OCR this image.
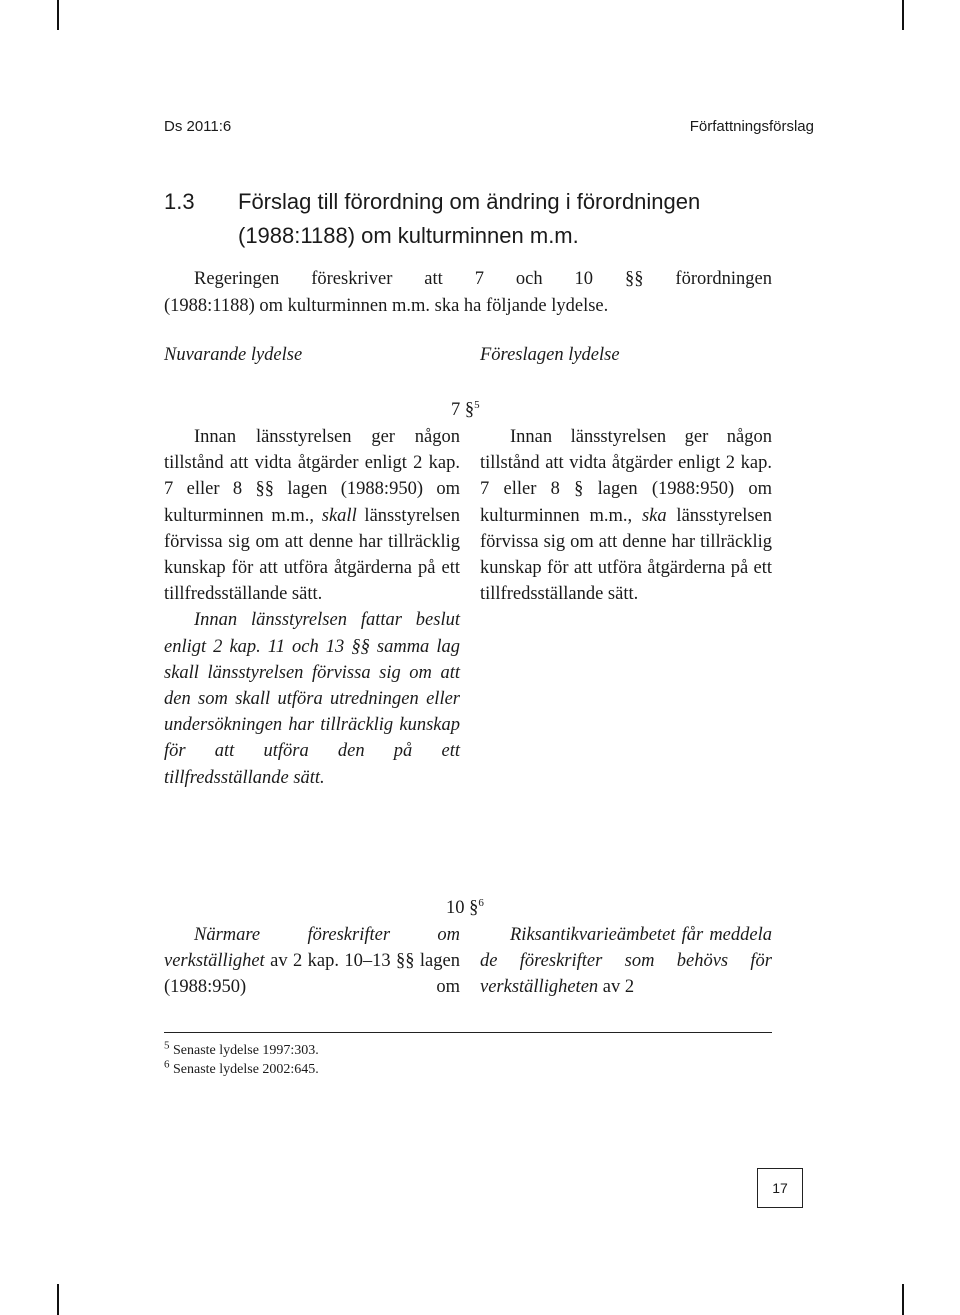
Ds 2011:6	Författningsförslag
1.3 Förslag till förordning om ändring i förordningen
(1988:1188) om kulturminnen m.m.
Regeringen föreskriver att 7 och 10 §§ förordningen
(1988:1188) om kulturminnen m.m. ska ha följande lydelse.
Nuvarande lydelse	Föreslagen lydelse
7 §$^5$

Innan länsstyrelsen ger någon tillstånd att vidta åtgärder enligt 2 kap. 7 eller 8 §§ lagen (1988:950) om kulturminnen m.m., skall länsstyrelsen förvissa sig om att denne har tillräcklig kunskap för att utföra åtgärderna på ett tillfredsställande sätt.

Innan länsstyrelsen fattar beslut enligt 2 kap. 11 och 13 §§ samma lag skall länsstyrelsen förvissa sig om att den som skall utföra utredningen eller undersökningen har tillräcklig kunskap för att utföra den på ett tillfredsställande sätt.

Innan länsstyrelsen ger någon tillstånd att vidta åtgärder enligt 2 kap. 7 eller 8 § lagen (1988:950) om kulturminnen m.m., ska länsstyrelsen förvissa sig om att denne har tillräcklig kunskap för att utföra åtgärderna på ett tillfredsställande sätt.

10 §$^6$

Närmare föreskrifter om verkställighet av 2 kap. 10–13 §§ lagen (1988:950) om

Riksantikvarieämbetet får meddela de föreskrifter som behövs för verkställigheten av 2

$^5$ Senaste lydelse 1997:303.
$^6$ Senaste lydelse 2002:645.
17
